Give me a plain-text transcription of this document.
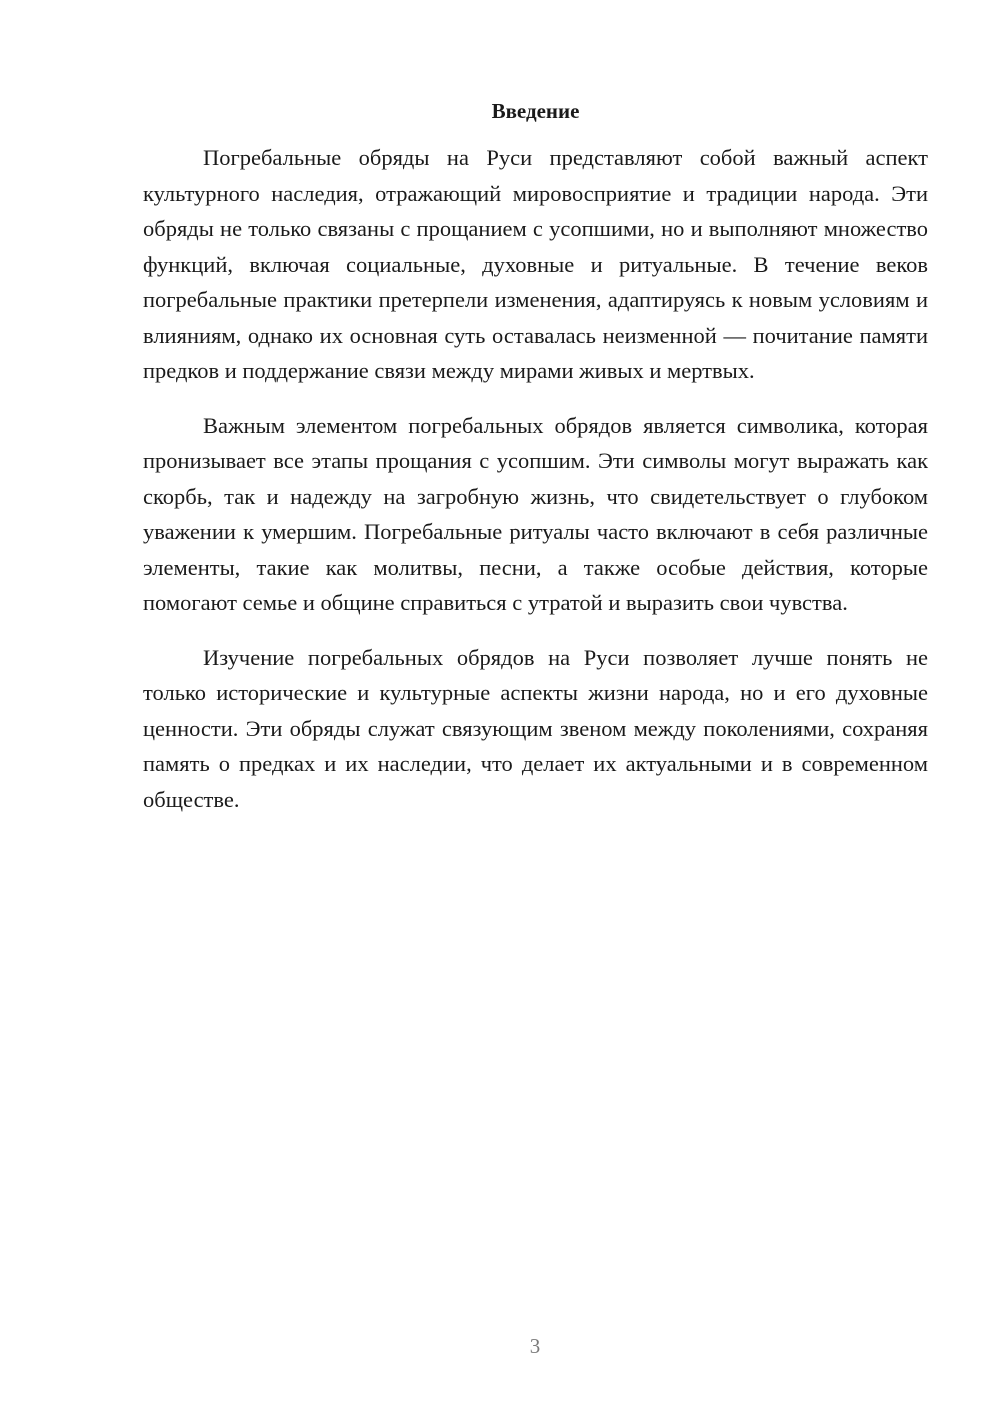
Введение

Погребальные обряды на Руси представляют собой важный аспект культурного наследия, отражающий мировосприятие и традиции народа. Эти обряды не только связаны с прощанием с усопшими, но и выполняют множество функций, включая социальные, духовные и ритуальные. В течение веков погребальные практики претерпели изменения, адаптируясь к новым условиям и влияниям, однако их основная суть оставалась неизменной — почитание памяти предков и поддержание связи между мирами живых и мертвых.

Важным элементом погребальных обрядов является символика, которая пронизывает все этапы прощания с усопшим. Эти символы могут выражать как скорбь, так и надежду на загробную жизнь, что свидетельствует о глубоком уважении к умершим. Погребальные ритуалы часто включают в себя различные элементы, такие как молитвы, песни, а также особые действия, которые помогают семье и общине справиться с утратой и выразить свои чувства.

Изучение погребальных обрядов на Руси позволяет лучше понять не только исторические и культурные аспекты жизни народа, но и его духовные ценности. Эти обряды служат связующим звеном между поколениями, сохраняя память о предках и их наследии, что делает их актуальными и в современном обществе.

3
